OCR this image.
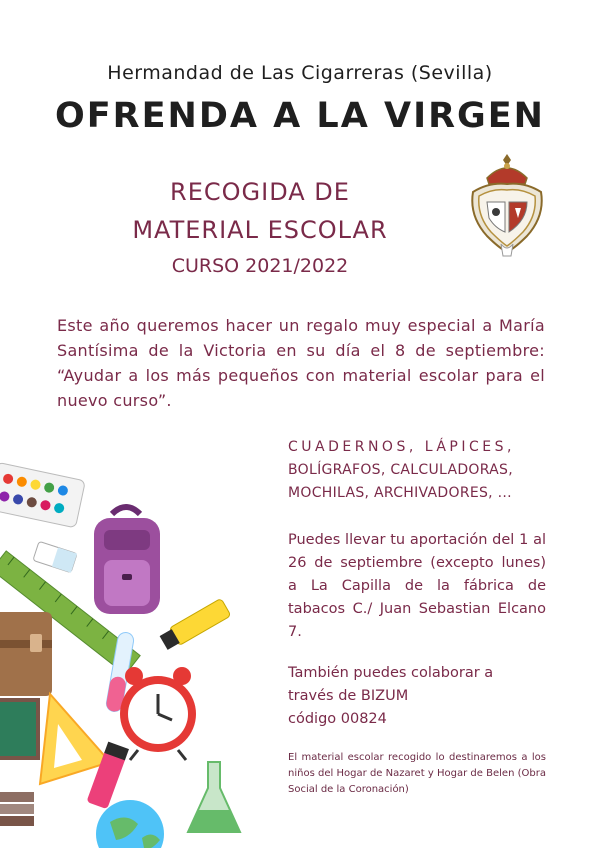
Hermandad de Las Cigarreras (Sevilla)
OFRENDA A LA VIRGEN
RECOGIDA DE
MATERIAL ESCOLAR
CURSO 2021/2022
Este año queremos hacer un regalo muy especial a María Santísima de la Victoria en su día el 8 de septiembre: “Ayudar a los más pequeños con material escolar para el nuevo curso”.
CUADERNOS, LÁPICES,
BOLÍGRAFOS, CALCULADORAS,
MOCHILAS, ARCHIVADORES, ...
Puedes llevar tu aportación del 1 al 26 de septiembre (excepto lunes) a La Capilla de la fábrica de tabacos C./ Juan Sebastian Elcano 7.
También puedes colaborar a
través de BIZUM
código 00824
El material escolar recogido lo destinaremos a los niños del Hogar de Nazaret y Hogar de Belen (Obra Social de la Coronación)
